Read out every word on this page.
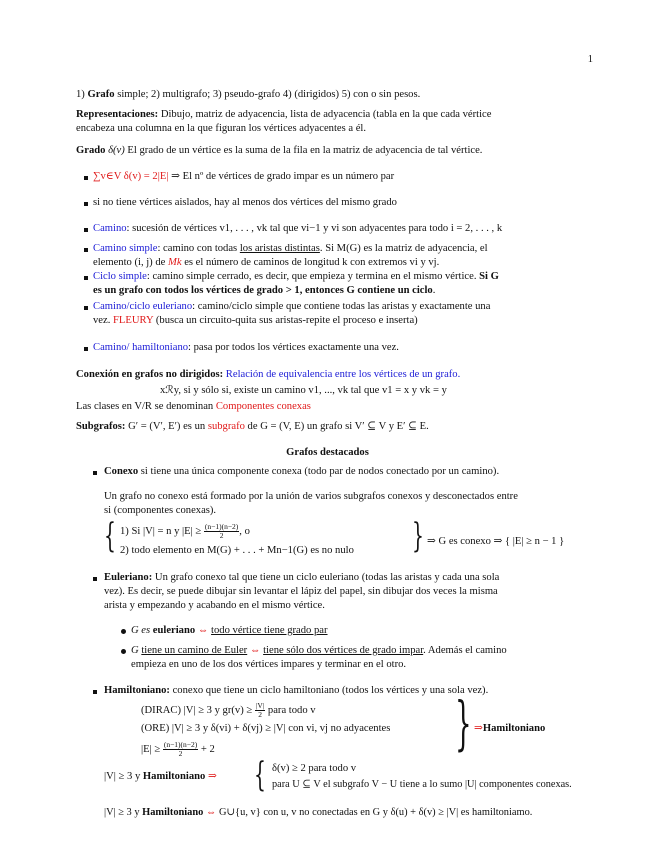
1
1) Grafo simple; 2) multigrafo; 3) pseudo-grafo 4) (dirigidos) 5) con o sin pesos.
Representaciones: Dibujo, matriz de adyacencia, lista de adyacencia (tabla en la que cada vértice
encabeza una columna en la que figuran los vértices adyacentes a él.
Grado δ(v) El grado de un vértice es la suma de la fila en la matriz de adyacencia de tal vértice.
∑v∈V δ(v) = 2|E| ⇒ El nº de vértices de grado impar es un número par
si no tiene vértices aislados, hay al menos dos vértices del mismo grado
Camino: sucesión de vértices v1, . . . , vk tal que vi−1 y vi son adyacentes para todo i = 2, . . . , k
Camino simple: camino con todas los aristas distintas. Si M(G) es la matriz de adyacencia, el
elemento (i, j) de Mk es el número de caminos de longitud k con extremos vi y vj.
Ciclo simple: camino simple cerrado, es decir, que empieza y termina en el mismo vértice. Si G
es un grafo con todos los vértices de grado > 1, entonces G contiene un ciclo.
Camino/ciclo euleriano: camino/ciclo simple que contiene todas las aristas y exactamente una
vez. FLEURY (busca un circuito-quita sus aristas-repite el proceso e inserta)
Camino/ hamiltoniano: pasa por todos los vértices exactamente una vez.
Conexión en grafos no dirigidos: Relación de equivalencia entre los vértices de un grafo.
xℛy, si y sólo si, existe un camino v1, ..., vk tal que v1 = x y vk = y
Las clases en V/R se denominan Componentes conexas
Subgrafos: G′ = (V′, E′) es un subgrafo de G = (V, E) un grafo si V′ ⊆ V y E′ ⊆ E.
Grafos destacados
Conexo si tiene una única componente conexa (todo par de nodos conectado por un camino).
Un grafo no conexo está formado por la unión de varios subgrafos conexos y desconectados entre
si (componentes conexas).
{ 1) Si |V| = n y $|E| \ge \frac{(n-1)(n-2)}{2}$ , o
2) todo elemento en M(G) + . . . + Mn−1(G) es no nulo	} ⇒ G es conexo ⇒ { |E| ≥ n − 1 }
Euleriano: Un grafo conexo tal que tiene un ciclo euleriano (todas las aristas y cada una sola
vez). Es decir, se puede dibujar sin levantar el lápiz del papel, sin dibujar dos veces la misma
arista y empezando y acabando en el mismo vértice.
G es euleriano ⇔ todo vértice tiene grado par
G tiene un camino de Euler ⇔ tiene sólo dos vértices de grado impar. Además el camino
empieza en uno de los dos vértices impares y terminar en el otro.
Hamiltoniano: conexo que tiene un ciclo hamiltoniano (todos los vértices y una sola vez).
(DIRAC) |V| ≥ 3 y $gr(v) \ge \frac{|V|}{2}$ para todo v
(ORE) |V| ≥ 3 y δ(vi) + δ(vj) ≥ |V| con vi, vj no adyacentes
$|E| \ge \frac{(n-1)(n-2)}{2} + 2$	} ⇒Hamiltoniano
|V| ≥ 3 y Hamiltoniano ⇒	{ δ(v) ≥ 2 para todo v
para U ⊆ V el subgrafo V − U tiene a lo sumo |U| componentes conexas.
|V| ≥ 3 y Hamiltoniano ⇔ G∪{u, v} con u, v no conectadas en G y δ(u) + δ(v) ≥ |V| es hamiltoniamo.
